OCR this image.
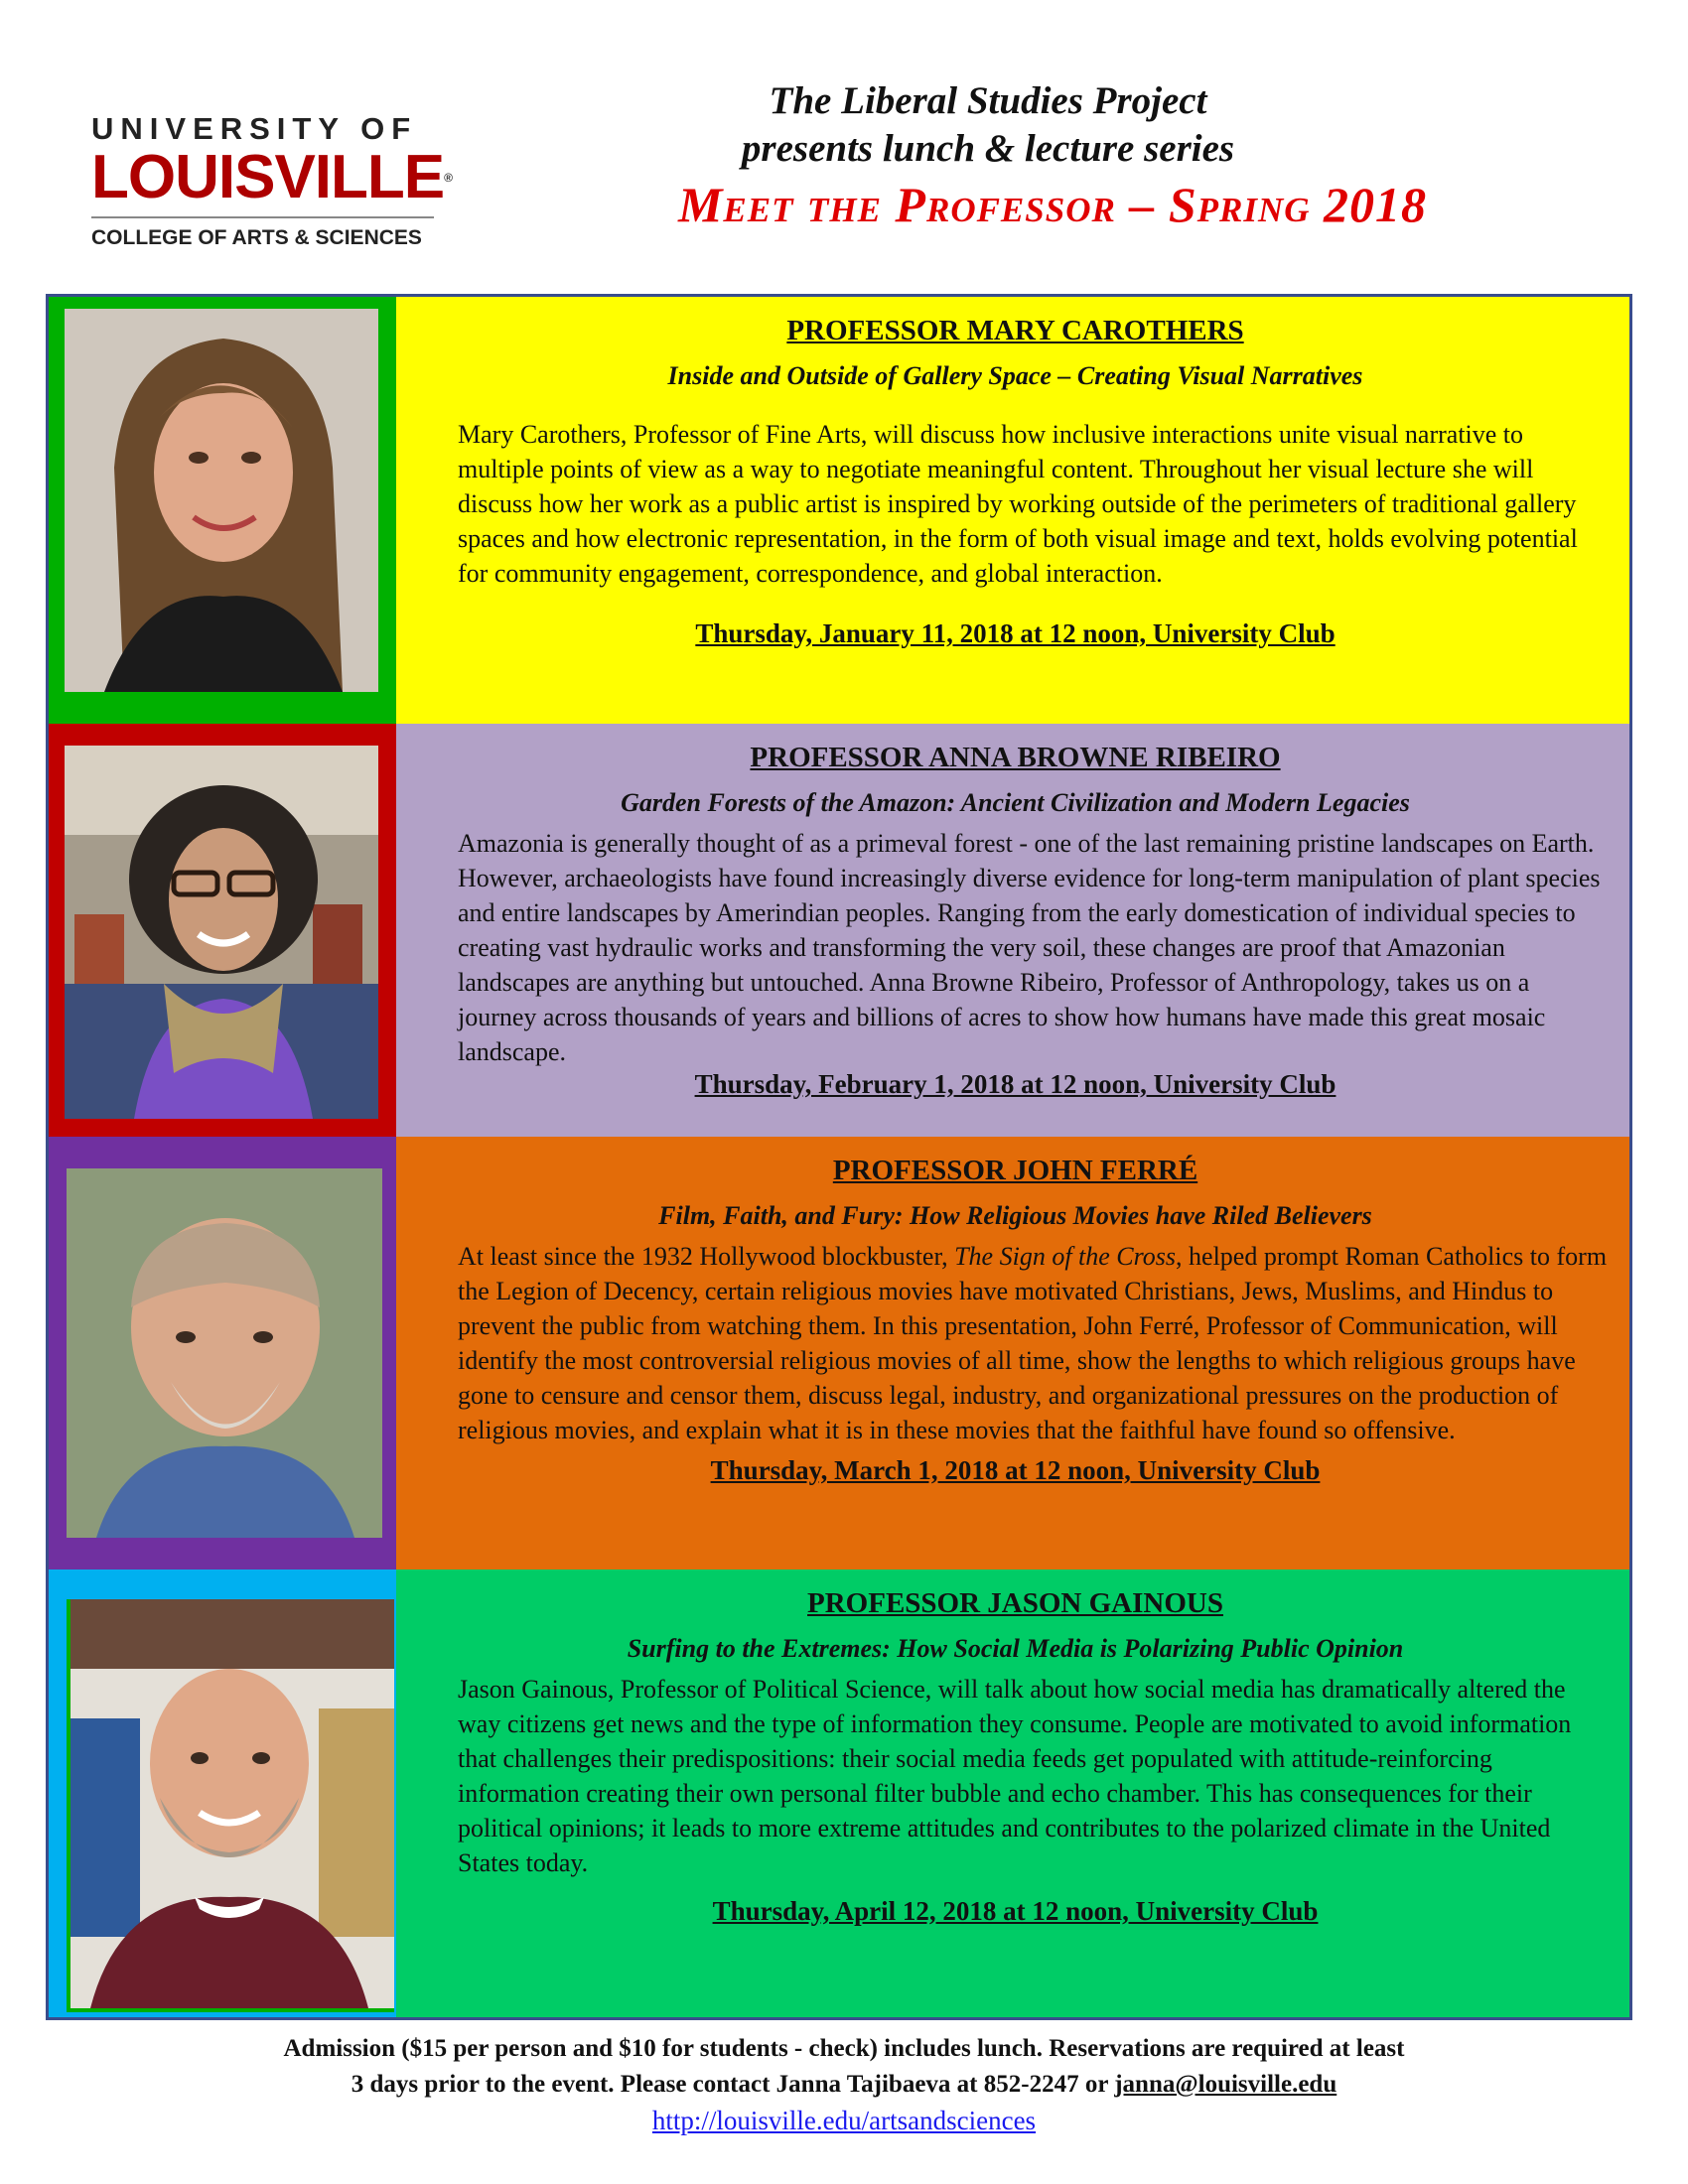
UNIVERSITY OF
LOUISVILLE®
COLLEGE OF ARTS & SCIENCES
The Liberal Studies Project
presents lunch & lecture series
Meet the Professor – Spring 2018
PROFESSOR MARY CAROTHERS
Inside and Outside of Gallery Space – Creating Visual Narratives
Mary Carothers, Professor of Fine Arts, will discuss how inclusive interactions unite visual narrative to multiple points of view as a way to negotiate meaningful content. Throughout her visual lecture she will discuss how her work as a public artist is inspired by working outside of the perimeters of traditional gallery spaces and how electronic representation, in the form of both visual image and text, holds evolving potential for community engagement, correspondence, and global interaction.
Thursday, January 11, 2018 at 12 noon, University Club
PROFESSOR ANNA BROWNE RIBEIRO
Garden Forests of the Amazon: Ancient Civilization and Modern Legacies
Amazonia is generally thought of as a primeval forest - one of the last remaining pristine landscapes on Earth. However, archaeologists have found increasingly diverse evidence for long-term manipulation of plant species and entire landscapes by Amerindian peoples. Ranging from the early domestication of individual species to creating vast hydraulic works and transforming the very soil, these changes are proof that Amazonian landscapes are anything but untouched. Anna Browne Ribeiro, Professor of Anthropology, takes us on a journey across thousands of years and billions of acres to show how humans have made this great mosaic landscape.
Thursday, February 1, 2018 at 12 noon, University Club
PROFESSOR JOHN FERRÉ
Film, Faith, and Fury: How Religious Movies have Riled Believers
At least since the 1932 Hollywood blockbuster, The Sign of the Cross, helped prompt Roman Catholics to form the Legion of Decency, certain religious movies have motivated Christians, Jews, Muslims, and Hindus to prevent the public from watching them. In this presentation, John Ferré, Professor of Communication, will identify the most controversial religious movies of all time, show the lengths to which religious groups have gone to censure and censor them, discuss legal, industry, and organizational pressures on the production of religious movies, and explain what it is in these movies that the faithful have found so offensive.
Thursday, March 1, 2018 at 12 noon, University Club
PROFESSOR JASON GAINOUS
Surfing to the Extremes: How Social Media is Polarizing Public Opinion
Jason Gainous, Professor of Political Science, will talk about how social media has dramatically altered the way citizens get news and the type of information they consume. People are motivated to avoid information that challenges their predispositions: their social media feeds get populated with attitude-reinforcing information creating their own personal filter bubble and echo chamber. This has consequences for their political opinions; it leads to more extreme attitudes and contributes to the polarized climate in the United States today.
Thursday, April 12, 2018 at 12 noon, University Club
Admission ($15 per person and $10 for students - check) includes lunch. Reservations are required at least
3 days prior to the event. Please contact Janna Tajibaeva at 852-2247 or janna@louisville.edu
http://louisville.edu/artsandsciences
